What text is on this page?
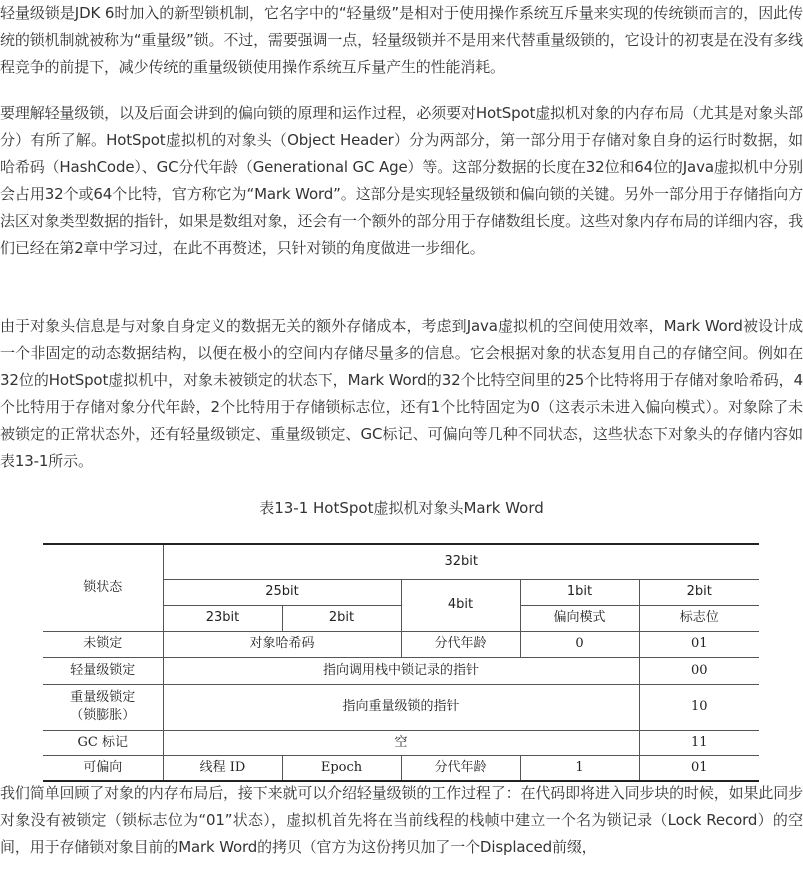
轻量级锁是JDK 6时加入的新型锁机制，它名字中的“轻量级”是相对于使用操作系统互斥量来实现的传统锁而言的，因此传统的锁机制就被称为“重量级”锁。不过，需要强调一点，轻量级锁并不是用来代替重量级锁的，它设计的初衷是在没有多线程竞争的前提下，减少传统的重量级锁使用操作系统互斥量产生的性能消耗。

要理解轻量级锁，以及后面会讲到的偏向锁的原理和运作过程，必须要对HotSpot虚拟机对象的内存布局（尤其是对象头部分）有所了解。HotSpot虚拟机的对象头（Object Header）分为两部分，第一部分用于存储对象自身的运行时数据，如哈希码（HashCode）、GC分代年龄（Generational GC Age）等。这部分数据的长度在32位和64位的Java虚拟机中分别会占用32个或64个比特，官方称它为“Mark Word”。这部分是实现轻量级锁和偏向锁的关键。另外一部分用于存储指向方法区对象类型数据的指针，如果是数组对象，还会有一个额外的部分用于存储数组长度。这些对象内存布局的详细内容，我们已经在第2章中学习过，在此不再赘述，只针对锁的角度做进一步细化。

由于对象头信息是与对象自身定义的数据无关的额外存储成本，考虑到Java虚拟机的空间使用效率，Mark Word被设计成一个非固定的动态数据结构，以便在极小的空间内存储尽量多的信息。它会根据对象的状态复用自己的存储空间。例如在32位的HotSpot虚拟机中，对象未被锁定的状态下，Mark Word的32个比特空间里的25个比特将用于存储对象哈希码，4个比特用于存储对象分代年龄，2个比特用于存储锁标志位，还有1个比特固定为0（这表示未进入偏向模式）。对象除了未被锁定的正常状态外，还有轻量级锁定、重量级锁定、GC标记、可偏向等几种不同状态，这些状态下对象头的存储内容如表13-1所示。

表13-1 HotSpot虚拟机对象头Mark Word
锁状态	32bit				
	25bit		4bit	1bit	2bit
	23bit	2bit		偏向模式	标志位
未锁定	对象哈希码		分代年龄	0	01
轻量级锁定	指向调用栈中锁记录的指针				00
重量级锁定
（锁膨胀）	指向重量级锁的指针				10
GC 标记	空				11
可偏向	线程 ID	Epoch	分代年龄	1	01

我们简单回顾了对象的内存布局后，接下来就可以介绍轻量级锁的工作过程了：在代码即将进入同步块的时候，如果此同步对象没有被锁定（锁标志位为“01”状态），虚拟机首先将在当前线程的栈帧中建立一个名为锁记录（Lock Record）的空间，用于存储锁对象目前的Mark Word的拷贝（官方为这份拷贝加了一个Displaced前缀，
